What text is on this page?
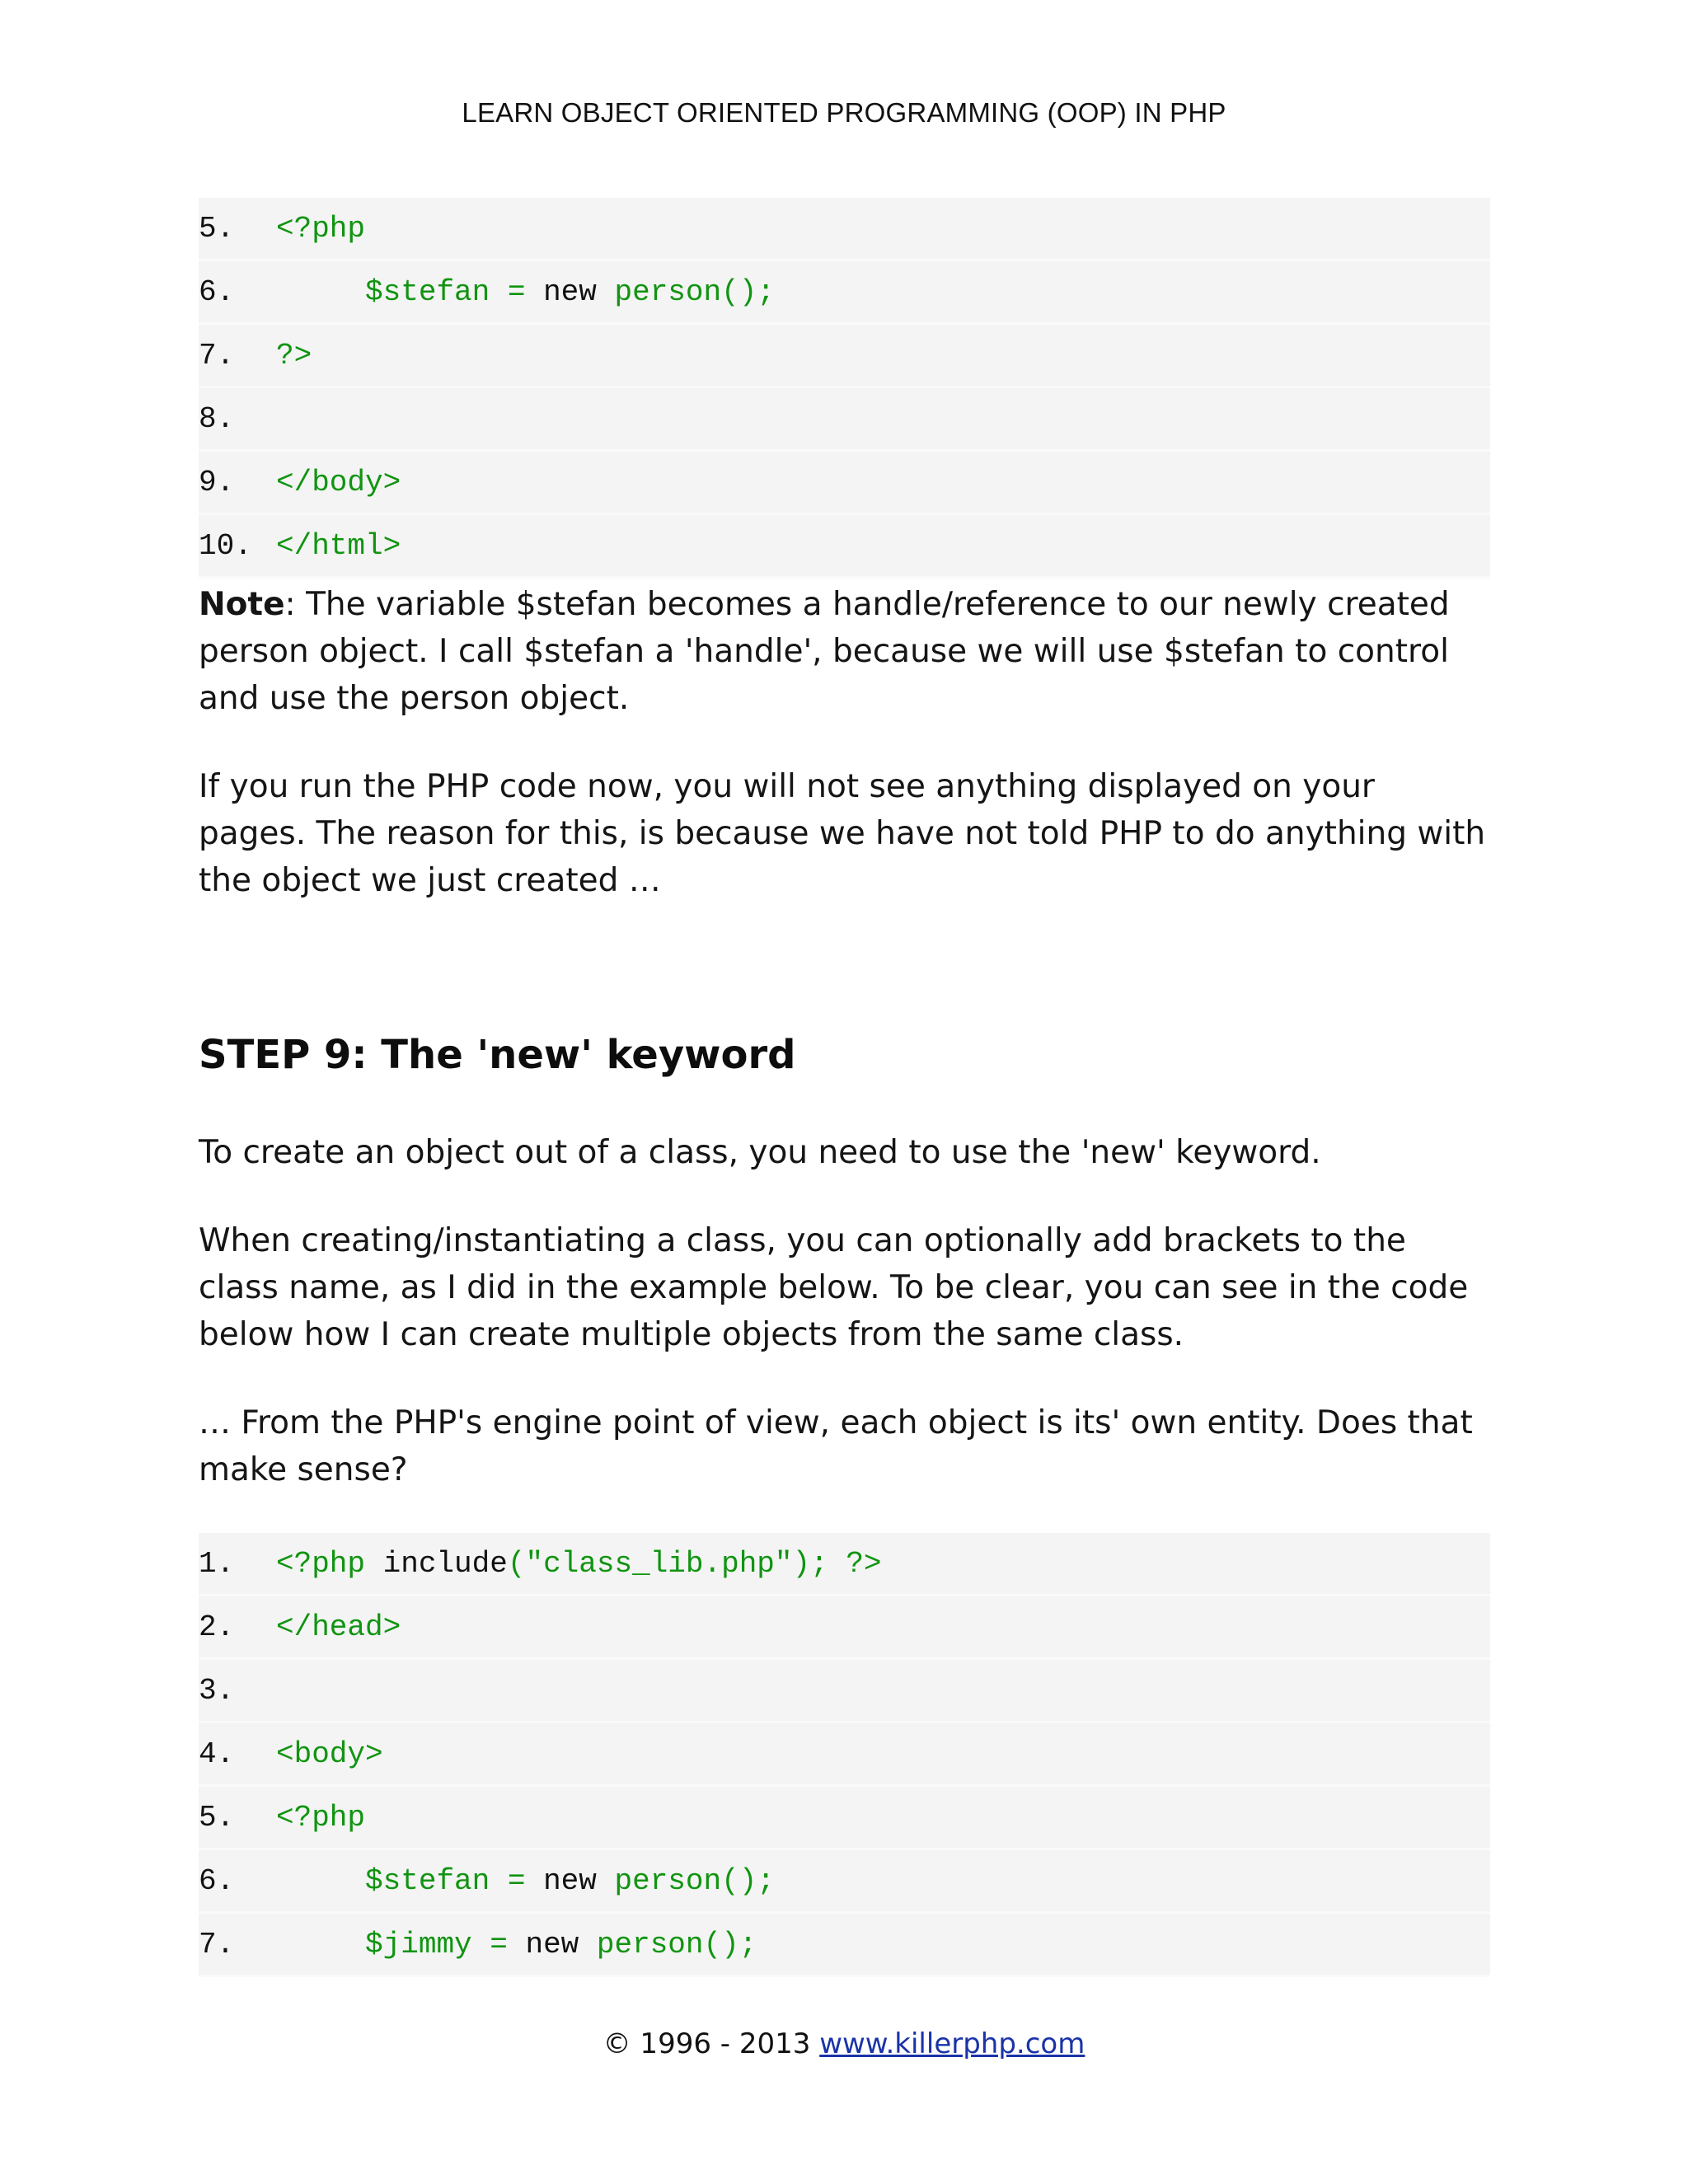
LEARN OBJECT ORIENTED PROGRAMMING (OOP) IN PHP
5.	<?php
6.	$stefan = new person();
7.	?>
8.
9.	</body>
10. </html>

Note: The variable $stefan becomes a handle/reference to our newly created person object. I call $stefan a 'handle', because we will use $stefan to control and use the person object.

If you run the PHP code now, you will not see anything displayed on your pages. The reason for this, is because we have not told PHP to do anything with the object we just created …

STEP 9: The 'new' keyword

To create an object out of a class, you need to use the 'new' keyword.

When creating/instantiating a class, you can optionally add brackets to the class name, as I did in the example below. To be clear, you can see in the code below how I can create multiple objects from the same class.

… From the PHP's engine point of view, each object is its' own entity. Does that make sense?

1.	<?php include("class_lib.php"); ?>
2.	</head>
3.
4.	<body>
5.	<?php
6.	$stefan = new person();
7.	$jimmy = new person();
© 1996 - 2013 www.killerphp.com
